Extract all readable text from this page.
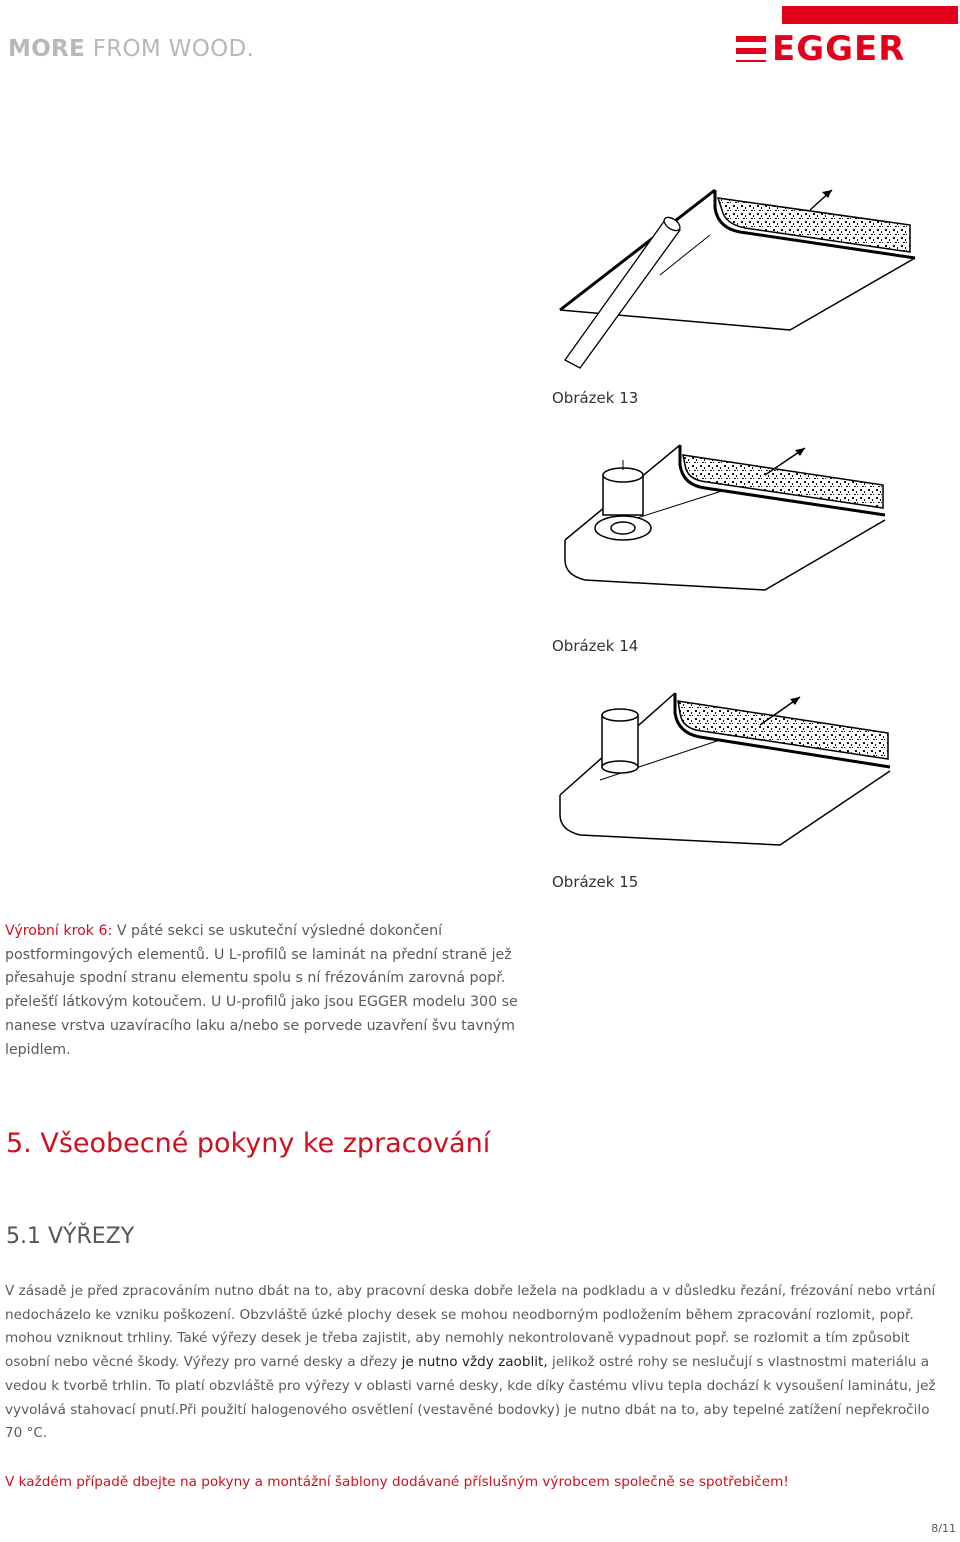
MORE FROM WOOD.	EGGER
Obrázek 13
Obrázek 14
Obrázek 15
Výrobní krok 6: V páté sekci se uskuteční výsledné dokončení
postformingových elementů. U L-profilů se laminát na přední straně jež
přesahuje spodní stranu elementu spolu s ní frézováním zarovná popř.
přelešťí látkovým kotoučem. U U-profilů jako jsou EGGER modelu 300 se
nanese vrstva uzavíracího laku a/nebo se porvede uzavření švu tavným
lepidlem.
5. Všeobecné pokyny ke zpracování
5.1 VÝŘEZY
V zásadě je před zpracováním nutno dbát na to, aby pracovní deska dobře ležela na podkladu a v důsledku řezání, frézování nebo vrtání
nedocházelo ke vzniku poškození. Obzvláště úzké plochy desek se mohou neodborným podložením během zpracování rozlomit, popř.
mohou vzniknout trhliny. Také výřezy desek je třeba zajistit, aby nemohly nekontrolovaně vypadnout popř. se rozlomit a tím způsobit
osobní nebo věcné škody. Výřezy pro varné desky a dřezy je nutno vždy zaoblit, jelikož ostré rohy se neslučují s vlastnostmi materiálu a
vedou k tvorbě trhlin. To platí obzvláště pro výřezy v oblasti varné desky, kde díky častému vlivu tepla dochází k vysoušení laminátu, jež
vyvolává stahovací pnutí.Při použití halogenového osvětlení (vestavěné bodovky) je nutno dbát na to, aby tepelné zatížení nepřekročilo
70 °C.
V každém případě dbejte na pokyny a montážní šablony dodávané příslušným výrobcem společně se spotřebičem!
8/11
